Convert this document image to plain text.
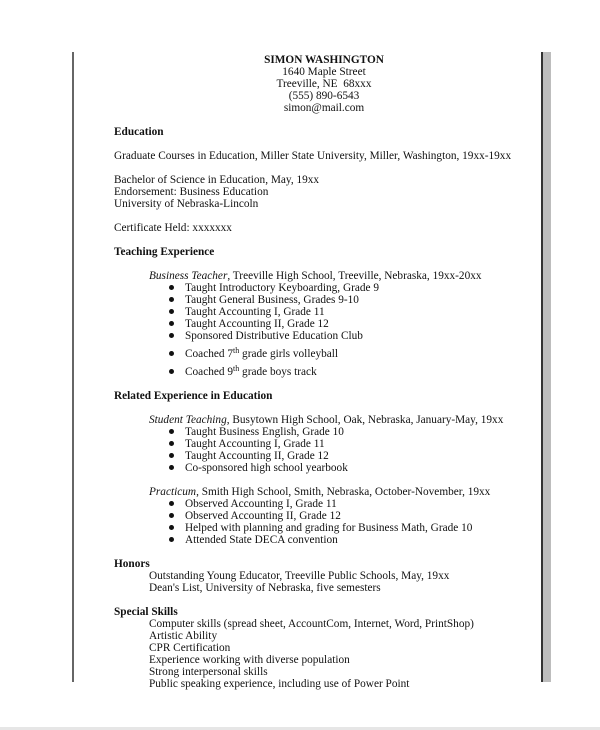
SIMON WASHINGTON
1640 Maple Street
Treeville, NE  68xxx
(555) 890-6543
simon@mail.com
Education
Graduate Courses in Education, Miller State University, Miller, Washington, 19xx-19xx
Bachelor of Science in Education, May, 19xx
Endorsement: Business Education
University of Nebraska-Lincoln
Certificate Held: xxxxxxx
Teaching Experience
Business Teacher, Treeville High School, Treeville, Nebraska, 19xx-20xx
Taught Introductory Keyboarding, Grade 9
Taught General Business, Grades 9-10
Taught Accounting I, Grade 11
Taught Accounting II, Grade 12
Sponsored Distributive Education Club
Coached 7th grade girls volleyball
Coached 9th grade boys track
Related Experience in Education
Student Teaching, Busytown High School, Oak, Nebraska, January-May, 19xx
Taught Business English, Grade 10
Taught Accounting I, Grade 11
Taught Accounting II, Grade 12
Co-sponsored high school yearbook
Practicum, Smith High School, Smith, Nebraska, October-November, 19xx
Observed Accounting I, Grade 11
Observed Accounting II, Grade 12
Helped with planning and grading for Business Math, Grade 10
Attended State DECA convention
Honors
Outstanding Young Educator, Treeville Public Schools, May, 19xx
Dean's List, University of Nebraska, five semesters
Special Skills
Computer skills (spread sheet, AccountCom, Internet, Word, PrintShop)
Artistic Ability
CPR Certification
Experience working with diverse population
Strong interpersonal skills
Public speaking experience, including use of Power Point
